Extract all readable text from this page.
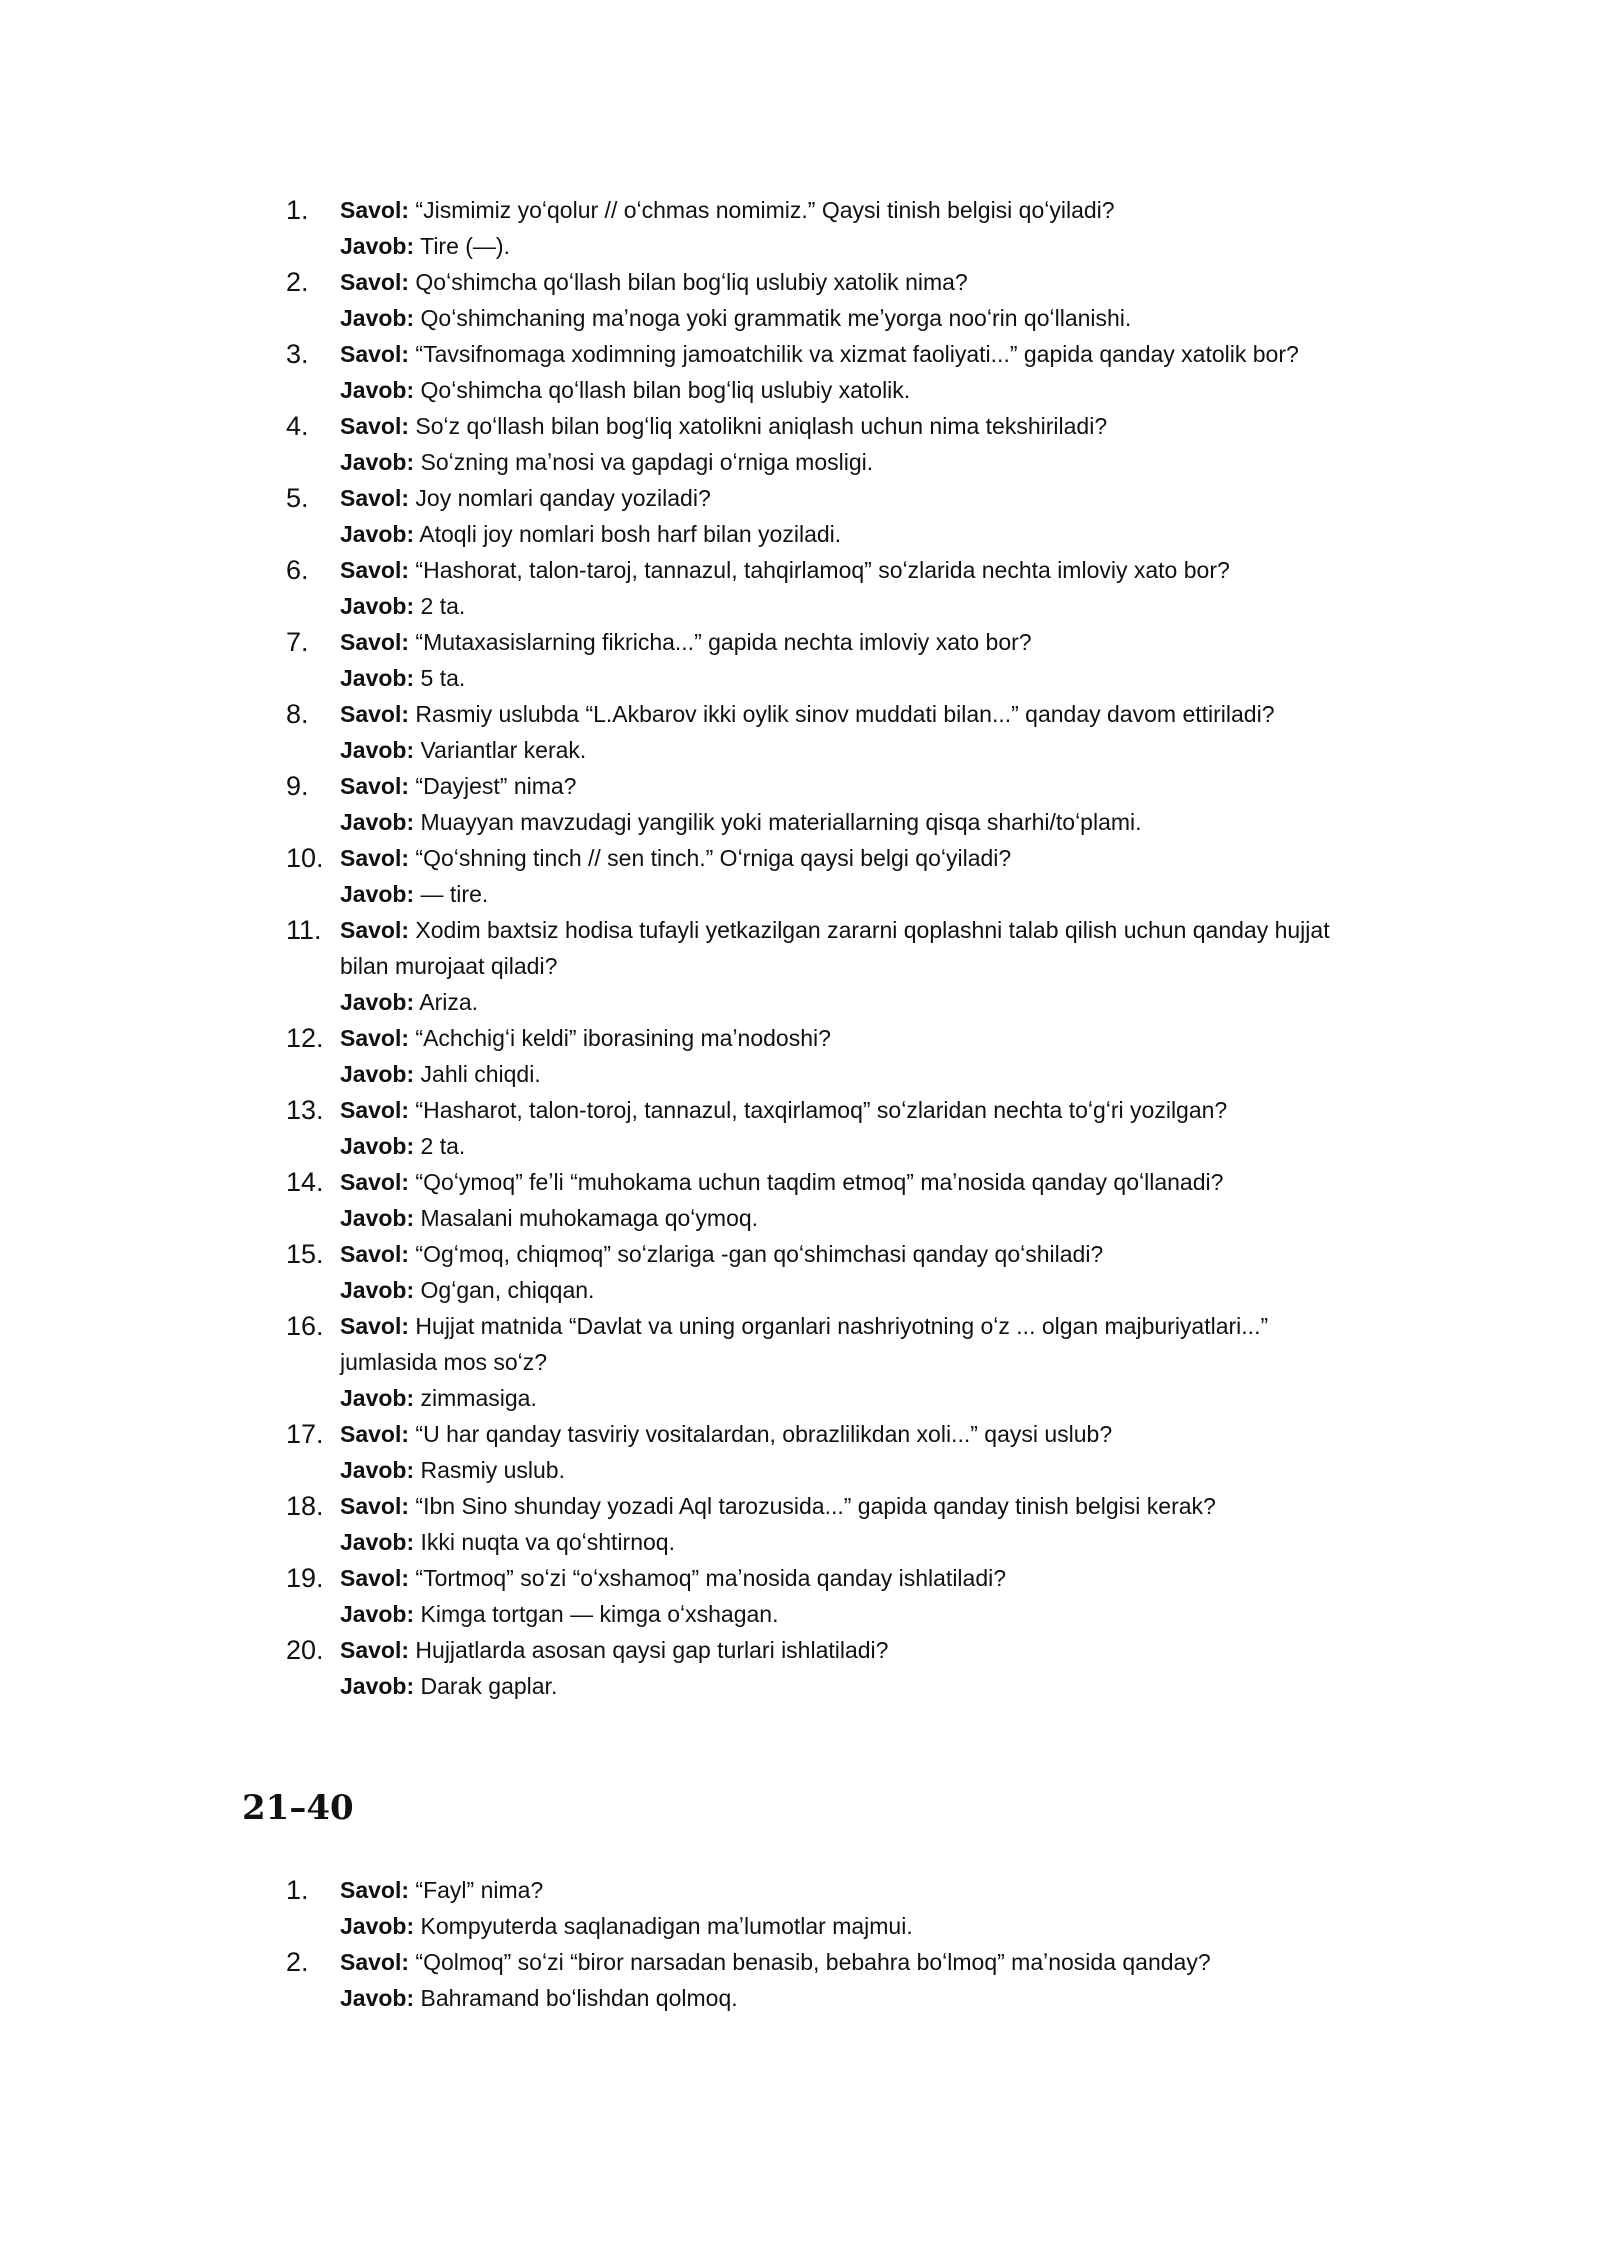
1.	Savol: “Jismimiz yoʻqolur // oʻchmas nomimiz.” Qaysi tinish belgisi qoʻyiladi?
Javob: Tire (—).
2.	Savol: Qoʻshimcha qoʻllash bilan bogʻliq uslubiy xatolik nima?
Javob: Qoʻshimchaning maʼnoga yoki grammatik meʼyorga nooʻrin qoʻllanishi.
3.	Savol: “Tavsifnomaga xodimning jamoatchilik va xizmat faoliyati...” gapida qanday xatolik bor?
Javob: Qoʻshimcha qoʻllash bilan bogʻliq uslubiy xatolik.
4.	Savol: Soʻz qoʻllash bilan bogʻliq xatolikni aniqlash uchun nima tekshiriladi?
Javob: Soʻzning maʼnosi va gapdagi oʻrniga mosligi.
5.	Savol: Joy nomlari qanday yoziladi?
Javob: Atoqli joy nomlari bosh harf bilan yoziladi.
6.	Savol: “Hashorat, talon-taroj, tannazul, tahqirlamoq” soʻzlarida nechta imloviy xato bor?
Javob: 2 ta.
7.	Savol: “Mutaxasislarning fikricha...” gapida nechta imloviy xato bor?
Javob: 5 ta.
8.	Savol: Rasmiy uslubda “L.Akbarov ikki oylik sinov muddati bilan...” qanday davom ettiriladi?
Javob: Variantlar kerak.
9.	Savol: “Dayjest” nima?
Javob: Muayyan mavzudagi yangilik yoki materiallarning qisqa sharhi/toʻplami.
10. Savol: “Qoʻshning tinch // sen tinch.” Oʻrniga qaysi belgi qoʻyiladi?
Javob: — tire.
11. Savol: Xodim baxtsiz hodisa tufayli yetkazilgan zararni qoplashni talab qilish uchun qanday hujjat bilan murojaat qiladi?
Javob: Ariza.
12. Savol: “Achchigʻi keldi” iborasining maʼnodoshi?
Javob: Jahli chiqdi.
13. Savol: “Hasharot, talon-toroj, tannazul, taxqirlamoq” soʻzlaridan nechta toʻgʻri yozilgan?
Javob: 2 ta.
14. Savol: “Qoʻymoq” feʼli “muhokama uchun taqdim etmoq” maʼnosida qanday qoʻllanadi?
Javob: Masalani muhokamaga qoʻymoq.
15. Savol: “Ogʻmoq, chiqmoq” soʻzlariga -gan qoʻshimchasi qanday qoʻshiladi?
Javob: Ogʻgan, chiqqan.
16. Savol: Hujjat matnida “Davlat va uning organlari nashriyotning oʻz ... olgan majburiyatlari...” jumlasida mos soʻz?
Javob: zimmasiga.
17. Savol: “U har qanday tasviriy vositalardan, obrazlilikdan xoli...” qaysi uslub?
Javob: Rasmiy uslub.
18. Savol: “Ibn Sino shunday yozadi Aql tarozusida...” gapida qanday tinish belgisi kerak?
Javob: Ikki nuqta va qoʻshtirnoq.
19. Savol: “Tortmoq” soʻzi “oʻxshamoq” maʼnosida qanday ishlatiladi?
Javob: Kimga tortgan — kimga oʻxshagan.
20. Savol: Hujjatlarda asosan qaysi gap turlari ishlatiladi?
Javob: Darak gaplar.
21–40
1.	Savol: “Fayl” nima?
Javob: Kompyuterda saqlanadigan maʼlumotlar majmui.
2.	Savol: “Qolmoq” soʻzi “biror narsadan benasib, bebahra boʻlmoq” maʼnosida qanday?
Javob: Bahramand boʻlishdan qolmoq.
